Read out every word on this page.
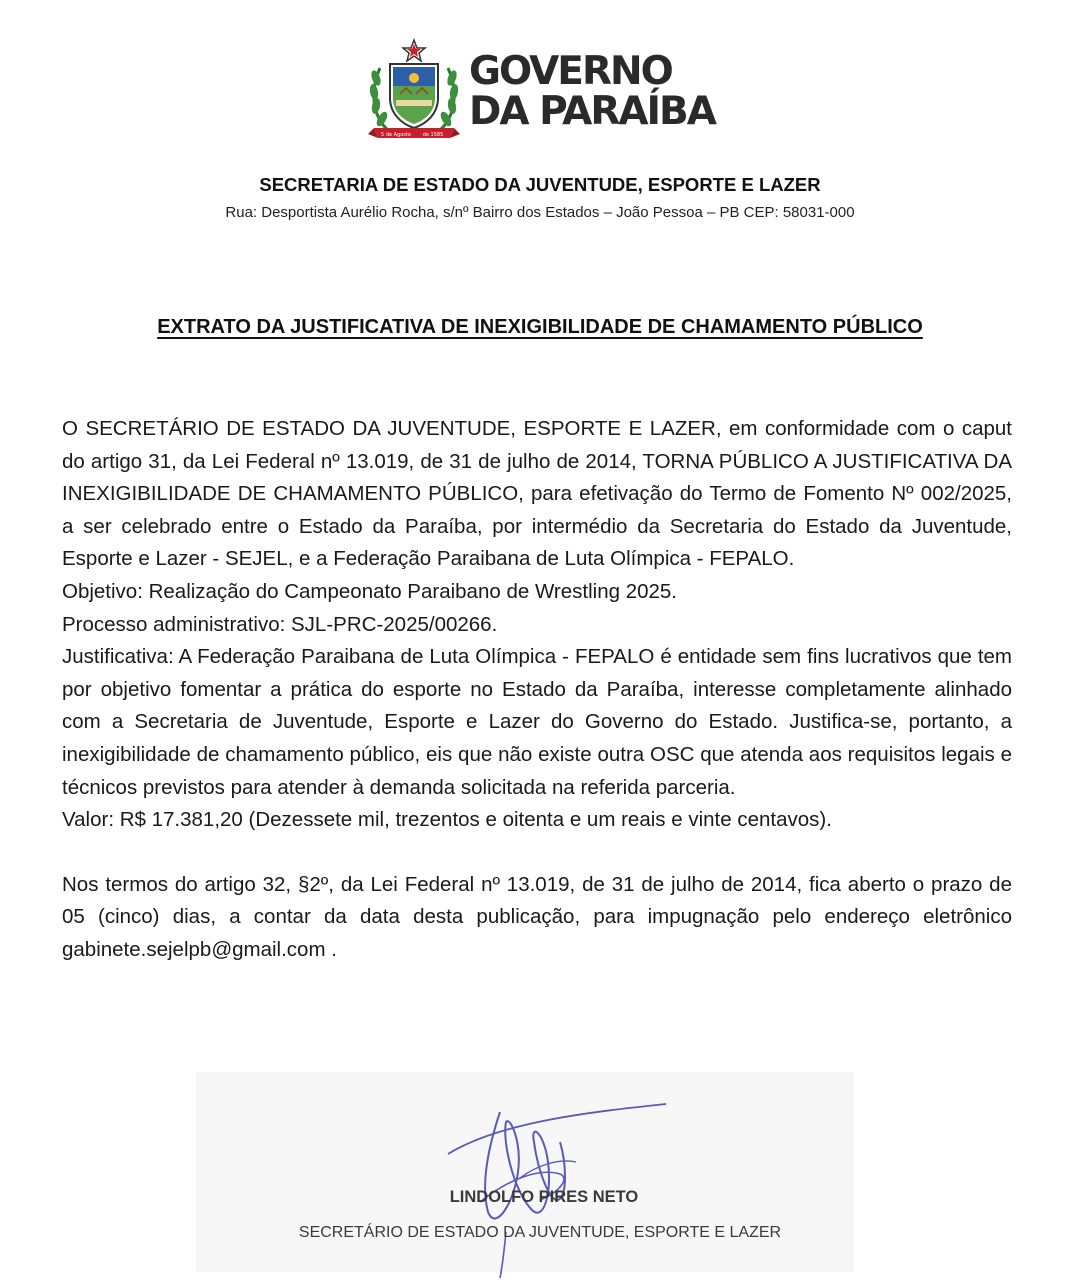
5 de Agosto de 1585
GOVERNO
DA PARAÍBA
SECRETARIA DE ESTADO DA JUVENTUDE, ESPORTE E LAZER
Rua: Desportista Aurélio Rocha, s/nº Bairro dos Estados – João Pessoa – PB CEP: 58031-000
EXTRATO DA JUSTIFICATIVA DE INEXIGIBILIDADE DE CHAMAMENTO PÚBLICO

O SECRETÁRIO DE ESTADO DA JUVENTUDE, ESPORTE E LAZER, em conformidade com o caput do artigo 31, da Lei Federal nº 13.019, de 31 de julho de 2014, TORNA PÚBLICO A JUSTIFICATIVA DA INEXIGIBILIDADE DE CHAMAMENTO PÚBLICO, para efetivação do Termo de Fomento Nº 002/2025, a ser celebrado entre o Estado da Paraíba, por intermédio da Secretaria do Estado da Juventude, Esporte e Lazer - SEJEL, e a Federação Paraibana de Luta Olímpica - FEPALO.

Objetivo: Realização do Campeonato Paraibano de Wrestling 2025.

Processo administrativo: SJL-PRC-2025/00266.

Justificativa: A Federação Paraibana de Luta Olímpica - FEPALO é entidade sem fins lucrativos que tem por objetivo fomentar a prática do esporte no Estado da Paraíba, interesse completamente alinhado com a Secretaria de Juventude, Esporte e Lazer do Governo do Estado. Justifica-se, portanto, a inexigibilidade de chamamento público, eis que não existe outra OSC que atenda aos requisitos legais e técnicos previstos para atender à demanda solicitada na referida parceria.

Valor: R$ 17.381,20 (Dezessete mil, trezentos e oitenta e um reais e vinte centavos).

Nos termos do artigo 32, §2º, da Lei Federal nº 13.019, de 31 de julho de 2014, fica aberto o prazo de 05 (cinco) dias, a contar da data desta publicação, para impugnação pelo endereço eletrônico gabinete.sejelpb@gmail.com .

LINDOLFO PIRES NETO
SECRETÁRIO DE ESTADO DA JUVENTUDE, ESPORTE E LAZER
